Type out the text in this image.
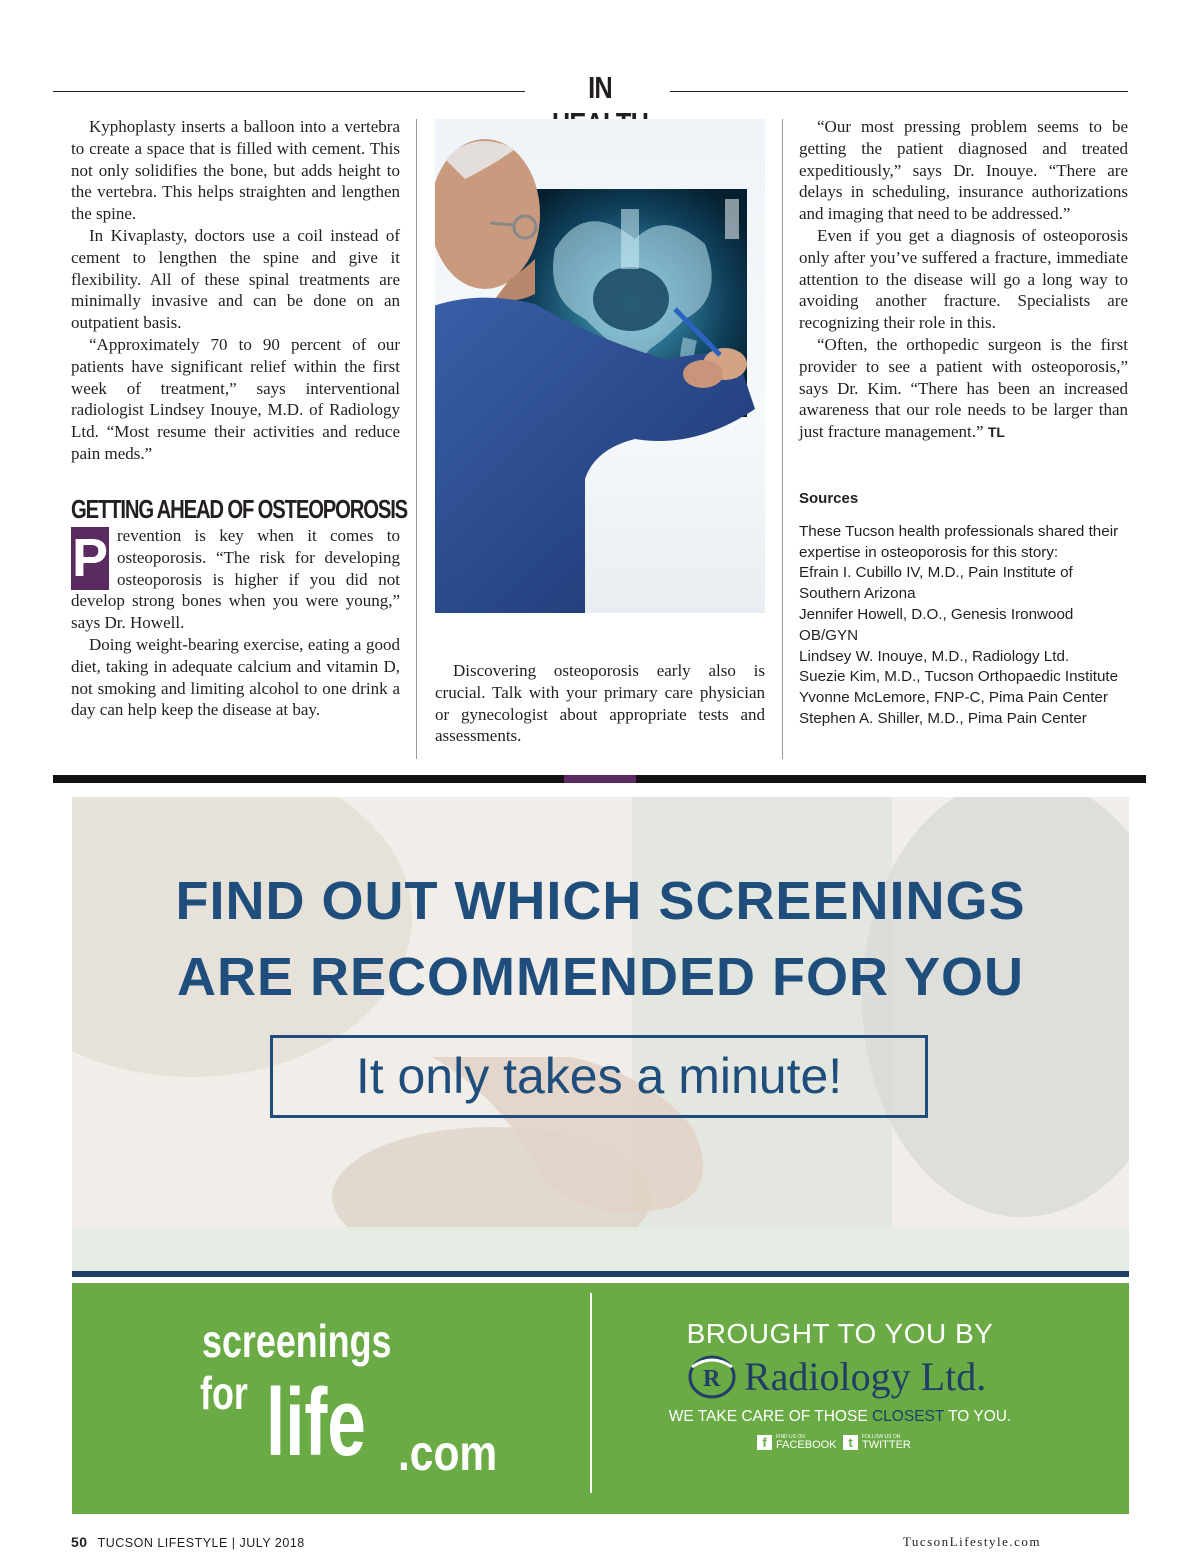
IN

Kyphoplasty inserts a balloon into a vertebra to create a space that is filled with cement. This not only solidifies the bone, but adds height to the vertebra. This helps straighten and lengthen the spine.

In Kivaplasty, doctors use a coil instead of cement to lengthen the spine and give it flexibility. All of these spinal treatments are minimally invasive and can be done on an outpatient basis.

“Approximately 70 to 90 percent of our patients have significant relief within the first week of treatment,” says interventional radiologist Lindsey Inouye, M.D. of Radiology Ltd. “Most resume their activities and reduce pain meds.”

GETTING AHEAD OF OSTEOPOROSIS

P revention is key when it comes to osteoporosis. “The risk for developing osteoporosis is higher if you did not develop strong bones when you were young,” says Dr. Howell.

Doing weight-bearing exercise, eating a good diet, taking in adequate calcium and vitamin D, not smoking and limiting alcohol to one drink a day can help keep the disease at bay.

Discovering osteoporosis early also is crucial. Talk with your primary care physician or gynecologist about appropriate tests and assessments.

“Our most pressing problem seems to be getting the patient diagnosed and treated expeditiously,” says Dr. Inouye. “There are delays in scheduling, insurance authorizations and imaging that need to be addressed.”

Even if you get a diagnosis of osteoporosis only after you’ve suffered a fracture, immediate attention to the disease will go a long way to avoiding another fracture. Specialists are recognizing their role in this.

“Often, the orthopedic surgeon is the first provider to see a patient with osteoporosis,” says Dr. Kim. “There has been an increased awareness that our role needs to be larger than just fracture management.” TL

Sources
These Tucson health professionals shared their expertise in osteoporosis for this story:
Efrain I. Cubillo IV, M.D., Pain Institute of Southern Arizona
Jennifer Howell, D.O., Genesis Ironwood OB/GYN
Lindsey W. Inouye, M.D., Radiology Ltd.
Suezie Kim, M.D., Tucson Orthopaedic Institute
Yvonne McLemore, FNP-C, Pima Pain Center
Stephen A. Shiller, M.D., Pima Pain Center
FIND OUT WHICH SCREENINGS
ARE RECOMMENDED FOR YOU
It only takes a minute!
screenings
for life .com
BROUGHT TO YOU BY
R Radiology Ltd.
WE TAKE CARE OF THOSE CLOSEST TO YOU.
f	FIND US ON
FACEBOOK t	FOLLOW US ON
TWITTER
50 TUCSON LIFESTYLE | JULY 2018	TucsonLifestyle.com
